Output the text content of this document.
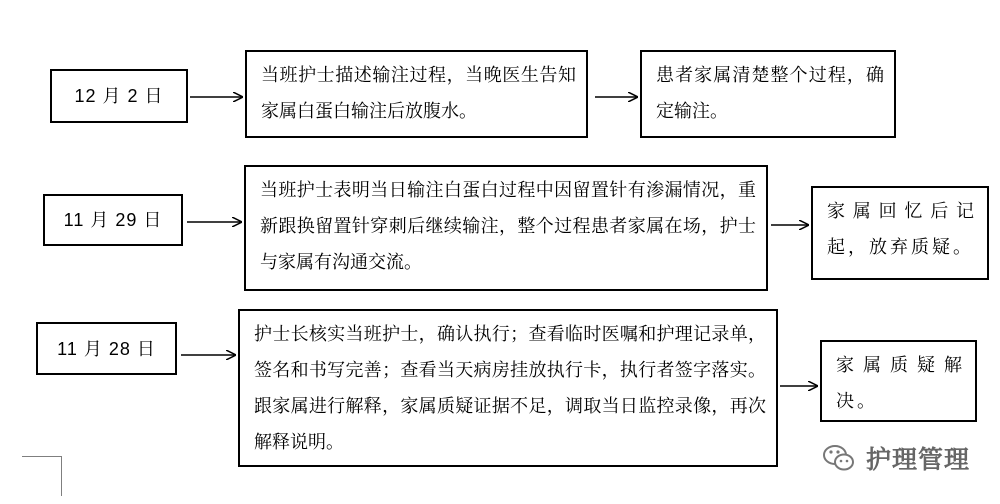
12 月 2 日
当班护士描述输注过程，当晚医生告知家属白蛋白输注后放腹水。
患者家属清楚整个过程，确定输注。
11 月 29 日
当班护士表明当日输注白蛋白过程中因留置针有渗漏情况，重新跟换留置针穿刺后继续输注，整个过程患者家属在场，护士与家属有沟通交流。
家属回忆后记起，放弃质疑。
11 月 28 日
护士长核实当班护士，确认执行；查看临时医嘱和护理记录单，签名和书写完善；查看当天病房挂放执行卡，执行者签字落实。跟家属进行解释，家属质疑证据不足，调取当日监控录像，再次解释说明。
家属质疑解决。
护理管理
